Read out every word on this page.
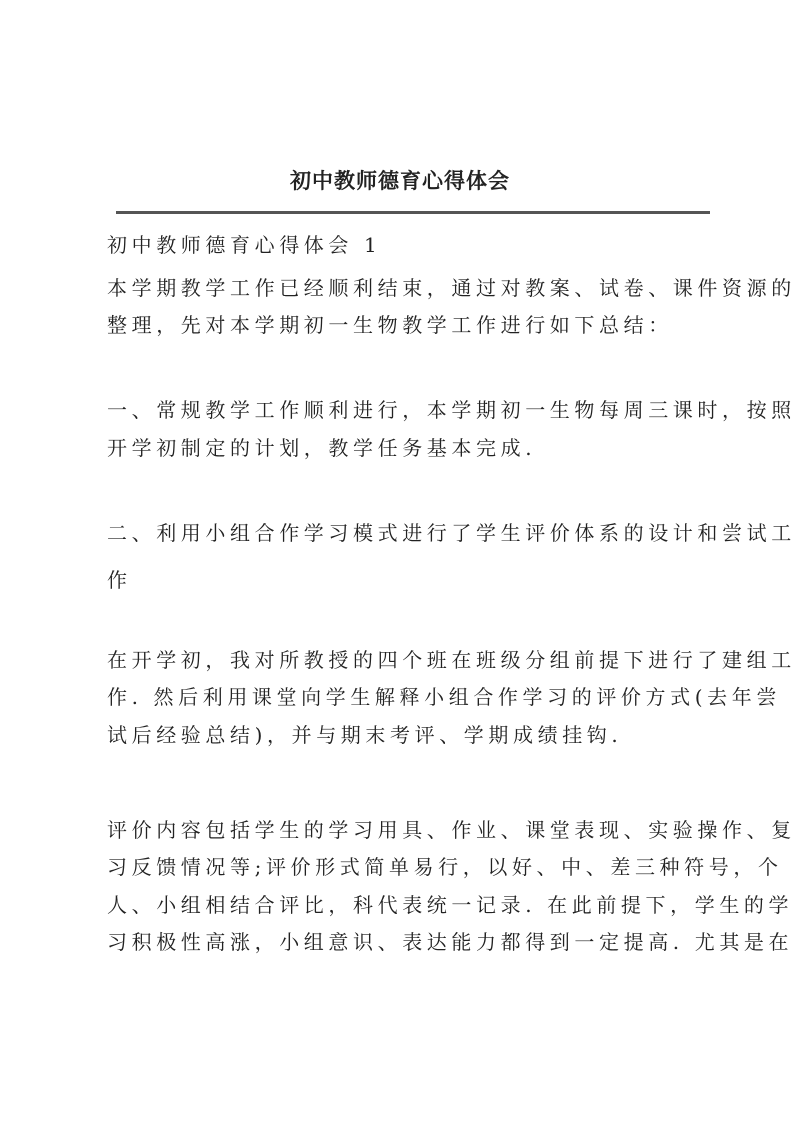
初中教师德育心得体会
初中教师德育心得体会 1
本学期教学工作已经顺利结束，通过对教案、试卷、课件资源的
整理，先对本学期初一生物教学工作进行如下总结：
一、常规教学工作顺利进行，本学期初一生物每周三课时，按照
开学初制定的计划，教学任务基本完成.
二、利用小组合作学习模式进行了学生评价体系的设计和尝试工
作
在开学初，我对所教授的四个班在班级分组前提下进行了建组工
作. 然后利用课堂向学生解释小组合作学习的评价方式(去年尝
试后经验总结)，并与期末考评、学期成绩挂钩.
评价内容包括学生的学习用具、作业、课堂表现、实验操作、复
习反馈情况等;评价形式简单易行，以好、中、差三种符号，个
人、小组相结合评比，科代表统一记录. 在此前提下，学生的学
习积极性高涨，小组意识、表达能力都得到一定提高. 尤其是在
